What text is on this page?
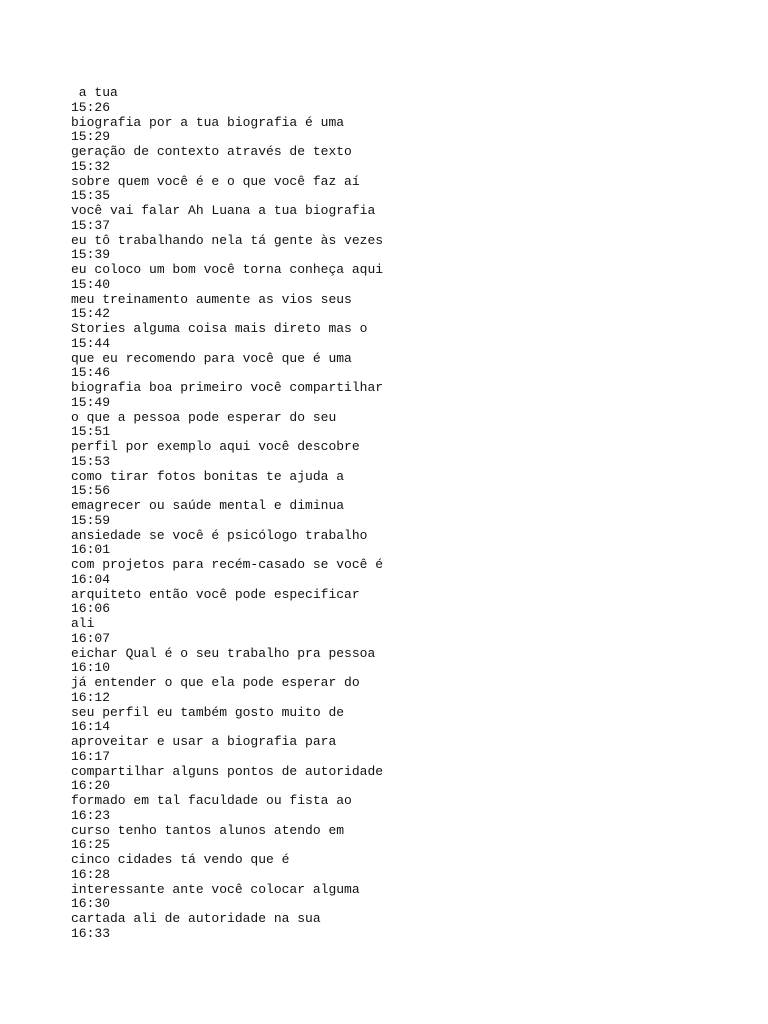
a tua
15:26
biografia por a tua biografia é uma
15:29
geração de contexto através de texto
15:32
sobre quem você é e o que você faz aí
15:35
você vai falar Ah Luana a tua biografia
15:37
eu tô trabalhando nela tá gente às vezes
15:39
eu coloco um bom você torna conheça aqui
15:40
meu treinamento aumente as vios seus
15:42
Stories alguma coisa mais direto mas o
15:44
que eu recomendo para você que é uma
15:46
biografia boa primeiro você compartilhar
15:49
o que a pessoa pode esperar do seu
15:51
perfil por exemplo aqui você descobre
15:53
como tirar fotos bonitas te ajuda a
15:56
emagrecer ou saúde mental e diminua
15:59
ansiedade se você é psicólogo trabalho
16:01
com projetos para recém-casado se você é
16:04
arquiteto então você pode especificar
16:06
ali
16:07
eichar Qual é o seu trabalho pra pessoa
16:10
já entender o que ela pode esperar do
16:12
seu perfil eu também gosto muito de
16:14
aproveitar e usar a biografia para
16:17
compartilhar alguns pontos de autoridade
16:20
formado em tal faculdade ou fista ao
16:23
curso tenho tantos alunos atendo em
16:25
cinco cidades tá vendo que é
16:28
interessante ante você colocar alguma
16:30
cartada ali de autoridade na sua
16:33
